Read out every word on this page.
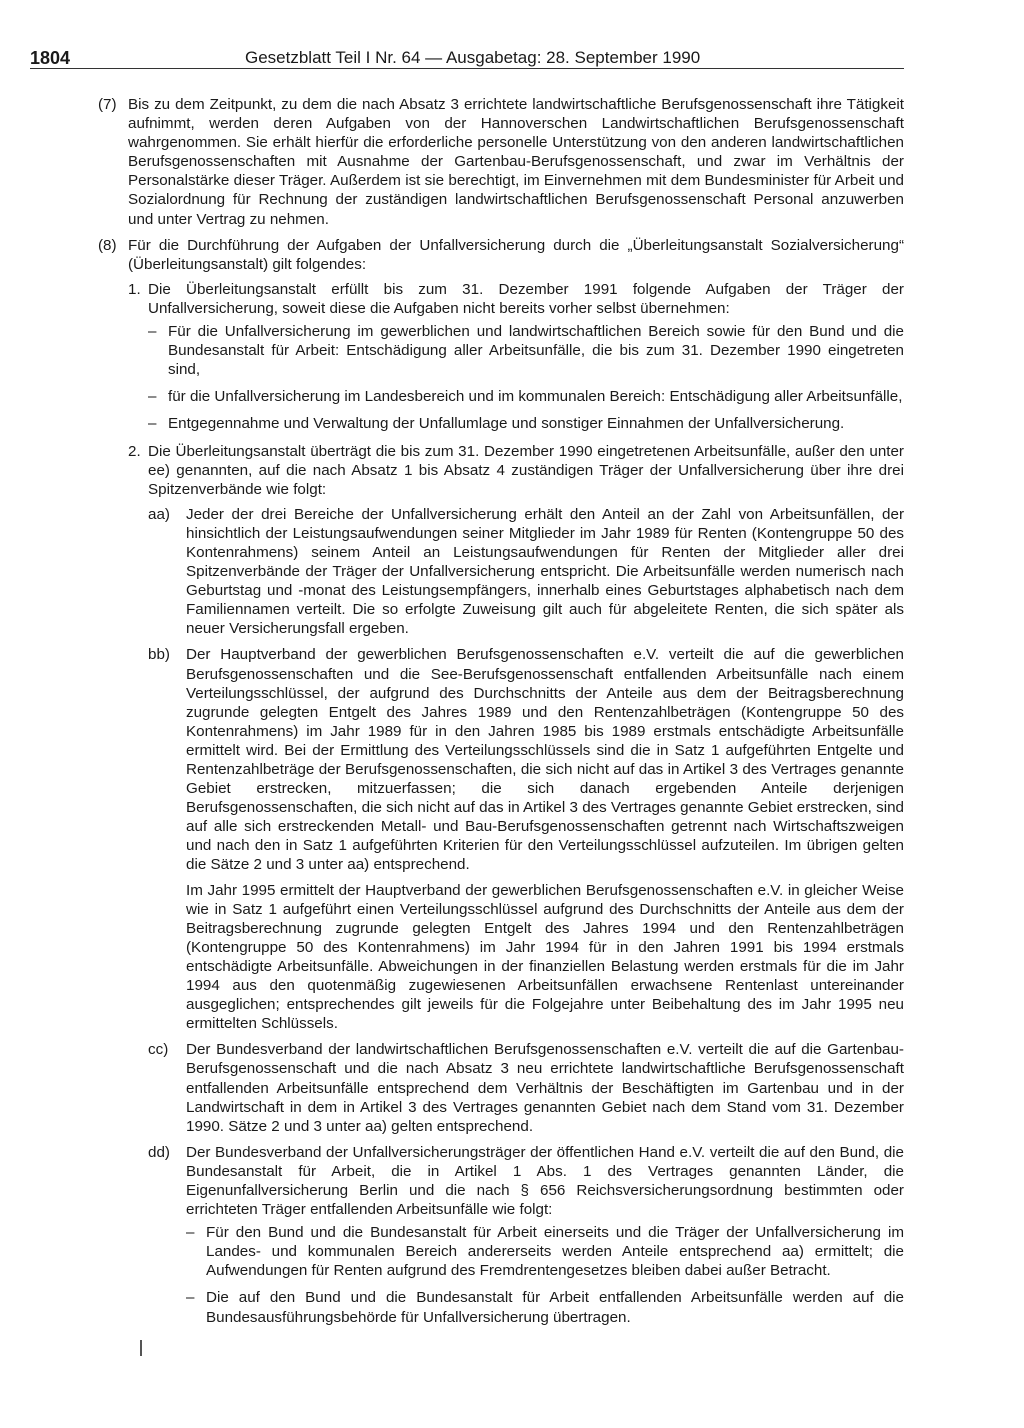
1804	Gesetzblatt Teil I Nr. 64 — Ausgabetag: 28. September 1990
(7) Bis zu dem Zeitpunkt, zu dem die nach Absatz 3 errichtete landwirtschaftliche Berufsgenossenschaft ihre Tätigkeit aufnimmt, werden deren Aufgaben von der Hannoverschen Landwirtschaftlichen Berufsgenossenschaft wahrgenommen. Sie erhält hierfür die erforderliche personelle Unterstützung von den anderen landwirtschaftlichen Berufsgenossenschaften mit Ausnahme der Gartenbau-Berufsgenossenschaft, und zwar im Verhältnis der Personalstärke dieser Träger. Außerdem ist sie berechtigt, im Einvernehmen mit dem Bundesminister für Arbeit und Sozialordnung für Rechnung der zuständigen landwirtschaftlichen Berufsgenossenschaft Personal anzuwerben und unter Vertrag zu nehmen.
(8) Für die Durchführung der Aufgaben der Unfallversicherung durch die „Überleitungsanstalt Sozialversicherung“ (Überleitungsanstalt) gilt folgendes:
1. Die Überleitungsanstalt erfüllt bis zum 31. Dezember 1991 folgende Aufgaben der Träger der Unfallversicherung, soweit diese die Aufgaben nicht bereits vorher selbst übernehmen:
– Für die Unfallversicherung im gewerblichen und landwirtschaftlichen Bereich sowie für den Bund und die Bundesanstalt für Arbeit: Entschädigung aller Arbeitsunfälle, die bis zum 31. Dezember 1990 eingetreten sind,
– für die Unfallversicherung im Landesbereich und im kommunalen Bereich: Entschädigung aller Arbeitsunfälle,
– Entgegennahme und Verwaltung der Unfallumlage und sonstiger Einnahmen der Unfallversicherung.
2. Die Überleitungsanstalt überträgt die bis zum 31. Dezember 1990 eingetretenen Arbeitsunfälle, außer den unter ee) genannten, auf die nach Absatz 1 bis Absatz 4 zuständigen Träger der Unfallversicherung über ihre drei Spitzenverbände wie folgt:
aa) Jeder der drei Bereiche der Unfallversicherung erhält den Anteil an der Zahl von Arbeitsunfällen, der hinsichtlich der Leistungsaufwendungen seiner Mitglieder im Jahr 1989 für Renten (Kontengruppe 50 des Kontenrahmens) seinem Anteil an Leistungsaufwendungen für Renten der Mitglieder aller drei Spitzenverbände der Träger der Unfallversicherung entspricht. Die Arbeitsunfälle werden numerisch nach Geburtstag und -monat des Leistungsempfängers, innerhalb eines Geburtstages alphabetisch nach dem Familiennamen verteilt. Die so erfolgte Zuweisung gilt auch für abgeleitete Renten, die sich später als neuer Versicherungsfall ergeben.
bb) Der Hauptverband der gewerblichen Berufsgenossenschaften e.V. verteilt die auf die gewerblichen Berufsgenossenschaften und die See-Berufsgenossenschaft entfallenden Arbeitsunfälle nach einem Verteilungsschlüssel, der aufgrund des Durchschnitts der Anteile aus dem der Beitragsberechnung zugrunde gelegten Entgelt des Jahres 1989 und den Rentenzahlbeträgen (Kontengruppe 50 des Kontenrahmens) im Jahr 1989 für in den Jahren 1985 bis 1989 erstmals entschädigte Arbeitsunfälle ermittelt wird. Bei der Ermittlung des Verteilungsschlüssels sind die in Satz 1 aufgeführten Entgelte und Rentenzahlbeträge der Berufsgenossenschaften, die sich nicht auf das in Artikel 3 des Vertrages genannte Gebiet erstrecken, mitzuerfassen; die sich danach ergebenden Anteile derjenigen Berufsgenossenschaften, die sich nicht auf das in Artikel 3 des Vertrages genannte Gebiet erstrecken, sind auf alle sich erstreckenden Metall- und Bau-Berufsgenossenschaften getrennt nach Wirtschaftszweigen und nach den in Satz 1 aufgeführten Kriterien für den Verteilungsschlüssel aufzuteilen. Im übrigen gelten die Sätze 2 und 3 unter aa) entsprechend.
Im Jahr 1995 ermittelt der Hauptverband der gewerblichen Berufsgenossenschaften e.V. in gleicher Weise wie in Satz 1 aufgeführt einen Verteilungsschlüssel aufgrund des Durchschnitts der Anteile aus dem der Beitragsberechnung zugrunde gelegten Entgelt des Jahres 1994 und den Rentenzahlbeträgen (Kontengruppe 50 des Kontenrahmens) im Jahr 1994 für in den Jahren 1991 bis 1994 erstmals entschädigte Arbeitsunfälle. Abweichungen in der finanziellen Belastung werden erstmals für die im Jahr 1994 aus den quotenmäßig zugewiesenen Arbeitsunfällen erwachsene Rentenlast untereinander ausgeglichen; entsprechendes gilt jeweils für die Folgejahre unter Beibehaltung des im Jahr 1995 neu ermittelten Schlüssels.
cc) Der Bundesverband der landwirtschaftlichen Berufsgenossenschaften e.V. verteilt die auf die Gartenbau-Berufsgenossenschaft und die nach Absatz 3 neu errichtete landwirtschaftliche Berufsgenossenschaft entfallenden Arbeitsunfälle entsprechend dem Verhältnis der Beschäftigten im Gartenbau und in der Landwirtschaft in dem in Artikel 3 des Vertrages genannten Gebiet nach dem Stand vom 31. Dezember 1990. Sätze 2 und 3 unter aa) gelten entsprechend.
dd) Der Bundesverband der Unfallversicherungsträger der öffentlichen Hand e.V. verteilt die auf den Bund, die Bundesanstalt für Arbeit, die in Artikel 1 Abs. 1 des Vertrages genannten Länder, die Eigenunfallversicherung Berlin und die nach § 656 Reichsversicherungsordnung bestimmten oder errichteten Träger entfallenden Arbeitsunfälle wie folgt:
– Für den Bund und die Bundesanstalt für Arbeit einerseits und die Träger der Unfallversicherung im Landes- und kommunalen Bereich andererseits werden Anteile entsprechend aa) ermittelt; die Aufwendungen für Renten aufgrund des Fremdrentengesetzes bleiben dabei außer Betracht.
– Die auf den Bund und die Bundesanstalt für Arbeit entfallenden Arbeitsunfälle werden auf die Bundesausführungsbehörde für Unfallversicherung übertragen.
